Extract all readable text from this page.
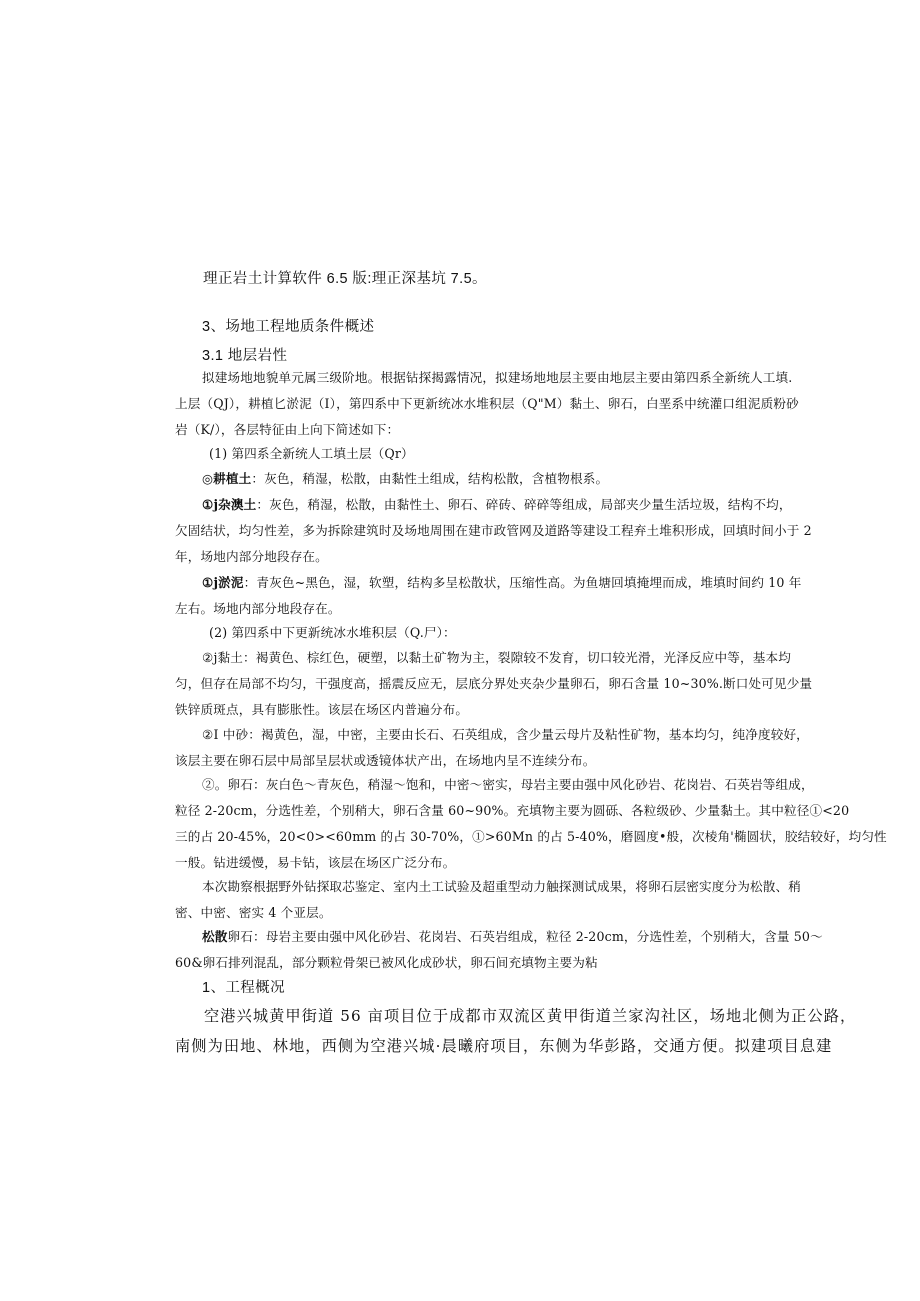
理正岩土计算软件 6.5 版:理正深基坑 7.5。

3、场地工程地质条件概述

3.1 地层岩性

拟建场地地貌单元属三级阶地。根据钻探揭露情况，拟建场地地层主要由地层主要由第四系全新统人工填.
上层（QJ），耕植匕淤泥（I），第四系中下更新统冰水堆积层（Q"M）黏土、卵石，白垩系中统灌口组泥质粉砂
岩（K/），各层特征由上向下简述如下：

(1) 第四系全新统人工填土层（Qr）

◎耕植土：灰色，稍湿，松散，由黏性土组成，结构松散，含植物根系。

①j杂澳土：灰色，稍湿，松散，由黏性土、卵石、碎砖、碎碎等组成，局部夹少量生活垃圾，结构不均，
欠固结状，均匀性差，多为拆除建筑时及场地周围在建市政管网及道路等建设工程弃土堆积形成，回填时间小于 2
年，场地内部分地段存在。
①j淤泥：青灰色~黑色，湿，软塑，结构多呈松散状，压缩性高。为鱼塘回填掩埋而成，堆填时间约 10 年
左右。场地内部分地段存在。

(2) 第四系中下更新统冰水堆积层（Q.尸）：

②j黏土：褐黄色、棕红色，硬塑，以黏土矿物为主，裂隙较不发育，切口较光滑，光泽反应中等，基本均
匀，但存在局部不均匀，干强度高，摇震反应无，层底分界处夹杂少量卵石，卵石含量 10~30%.断口处可见少量
铁锌质斑点，具有膨胀性。该层在场区内普遍分布。
②I 中砂：褐黄色，湿，中密，主要由长石、石英组成，含少量云母片及粘性矿物，基本均匀，纯净度较好，
该层主要在卵石层中局部呈层状或透镜体状产出，在场地内呈不连续分布。
②。卵石：灰白色～青灰色，稍湿～饱和，中密～密实，母岩主要由强中风化砂岩、花岗岩、石英岩等组成，
粒径 2-20cm，分选性差，个别稍大，卵石含量 60~90%。充填物主要为圆砾、各粒级砂、少量黏土。其中粒径①<20
三的占 20-45%，20<0><60mm 的占 30-70%，①>60Mn 的占 5-40%，磨圆度•般，次棱角'椭圆状，胶结较好，均匀性
一般。钻进缓慢，易卡钻，该层在场区广泛分布。
本次勘察根据野外钻探取芯鉴定、室内土工试验及超重型动力触探测试成果，将卵石层密实度分为松散、稍
密、中密、密实 4 个亚层。
松散卵石：母岩主要由强中风化砂岩、花岗岩、石英岩组成，粒径 2-20cm，分选性差，个别稍大，含量 50～
60&卵石排列混乱，部分颗粒骨架已被风化成砂状，卵石间充填物主要为粘

1、工程概况

空港兴城黄甲街道 56 亩项目位于成都市双流区黄甲街道兰家沟社区，场地北侧为正公路，
南侧为田地、林地，西侧为空港兴城·晨曦府项目，东侧为华彭路，交通方便。拟建项目息建
